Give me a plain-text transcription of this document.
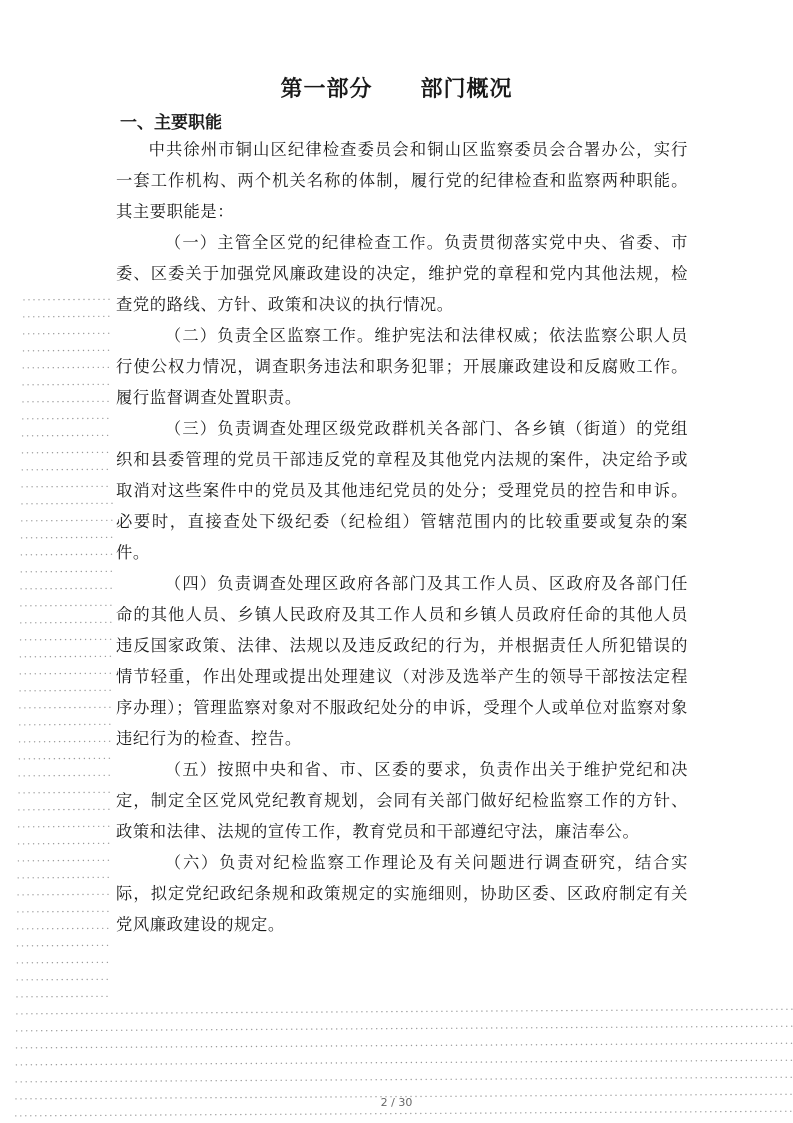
第一部分 部门概况
一、主要职能

中共徐州市铜山区纪律检查委员会和铜山区监察委员会合署办公，实行一套工作机构、两个机关名称的体制，履行党的纪律检查和监察两种职能。其主要职能是：

（一）主管全区党的纪律检查工作。负责贯彻落实党中央、省委、市委、区委关于加强党风廉政建设的决定，维护党的章程和党内其他法规，检查党的路线、方针、政策和决议的执行情况。

（二）负责全区监察工作。维护宪法和法律权威；依法监察公职人员行使公权力情况，调查职务违法和职务犯罪；开展廉政建设和反腐败工作。履行监督调查处置职责。

（三）负责调查处理区级党政群机关各部门、各乡镇（街道）的党组织和县委管理的党员干部违反党的章程及其他党内法规的案件，决定给予或取消对这些案件中的党员及其他违纪党员的处分；受理党员的控告和申诉。必要时，直接查处下级纪委（纪检组）管辖范围内的比较重要或复杂的案件。

（四）负责调查处理区政府各部门及其工作人员、区政府及各部门任命的其他人员、乡镇人民政府及其工作人员和乡镇人员政府任命的其他人员违反国家政策、法律、法规以及违反政纪的行为，并根据责任人所犯错误的情节轻重，作出处理或提出处理建议（对涉及选举产生的领导干部按法定程序办理）；管理监察对象对不服政纪处分的申诉，受理个人或单位对监察对象违纪行为的检查、控告。

（五）按照中央和省、市、区委的要求，负责作出关于维护党纪和决定，制定全区党风党纪教育规划，会同有关部门做好纪检监察工作的方针、政策和法律、法规的宣传工作，教育党员和干部遵纪守法，廉洁奉公。

（六）负责对纪检监察工作理论及有关问题进行调查研究，结合实际，拟定党纪政纪条规和政策规定的实施细则，协助区委、区政府制定有关党风廉政建设的规定。

2 / 30
